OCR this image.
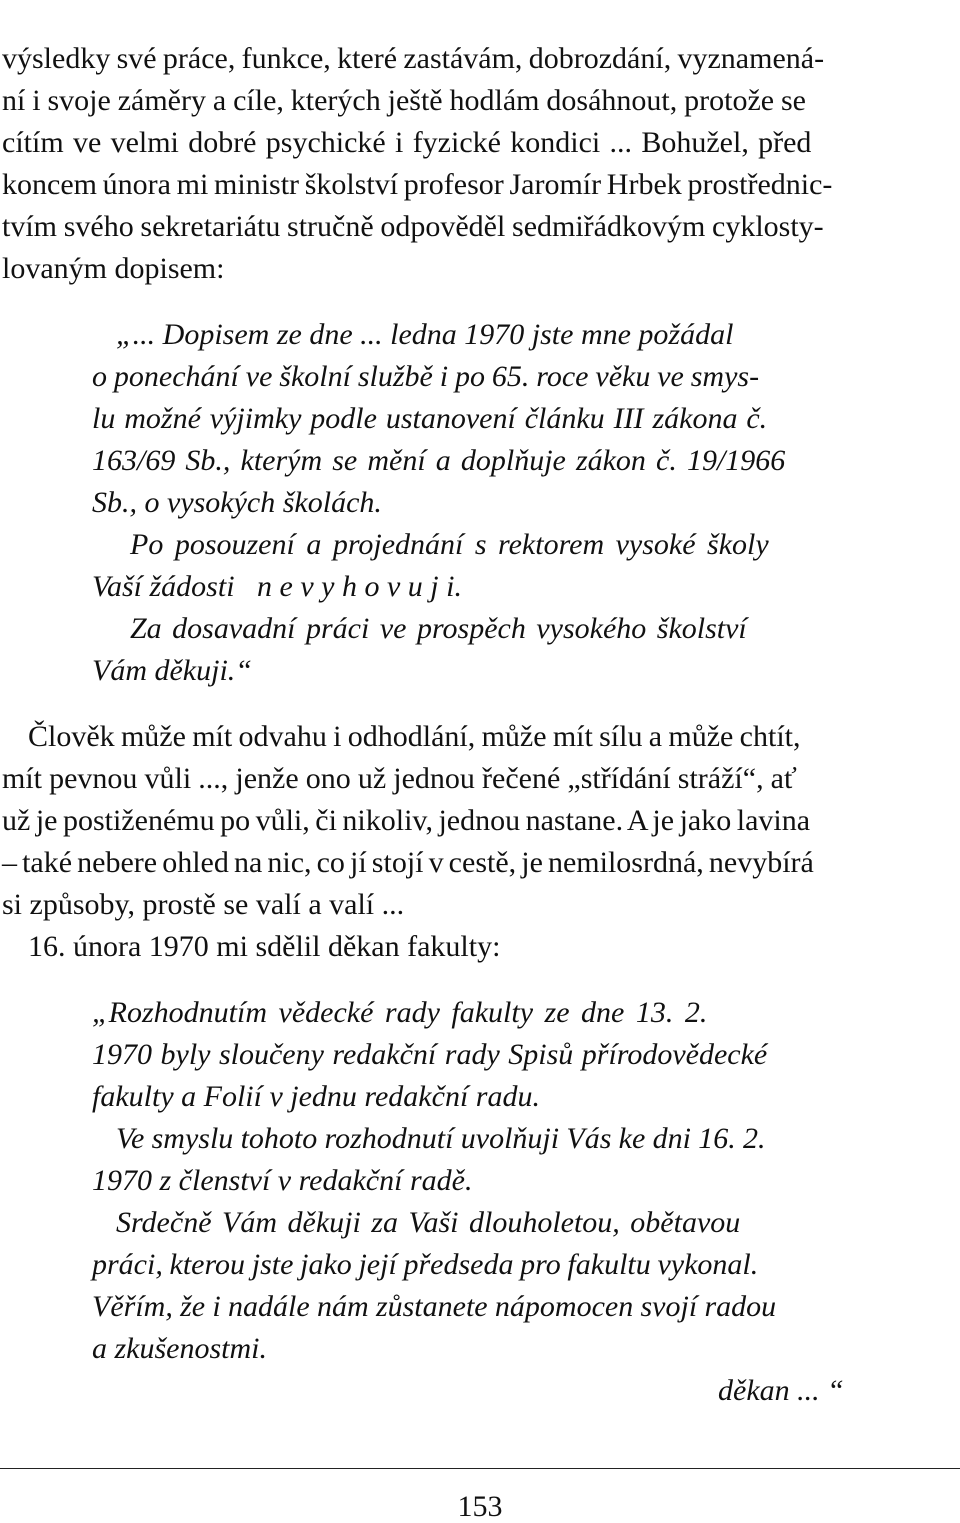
výsledky své práce, funkce, které zastávám, dobrozdání, vyznamená-
ní i svoje záměry a cíle, kterých ještě hodlám dosáhnout, protože se
cítím ve velmi dobré psychické i fyzické kondici ... Bohužel, před
koncem února mi ministr školství profesor Jaromír Hrbek prostřednic-
tvím svého sekretariátu stručně odpověděl sedmiřádkovým cyklosty-
lovaným dopisem:
„... Dopisem ze dne ... ledna 1970 jste mne požádal
o ponechání ve školní službě i po 65. roce věku ve smys-
lu možné výjimky podle ustanovení článku III zákona č.
163/69 Sb., kterým se mění a doplňuje zákon č. 19/1966
Sb., o vysokých školách.
Po posouzení a projednání s rektorem vysoké školy
Vaší žádosti   n e v y h o v u j i.
Za dosavadní práci ve prospěch vysokého školství
Vám děkuji.“
Člověk může mít odvahu i odhodlání, může mít sílu a může chtít,
mít pevnou vůli ..., jenže ono už jednou řečené „střídání stráží“, ať
už je postiženému po vůli, či nikoliv, jednou nastane. A je jako lavina
– také nebere ohled na nic, co jí stojí v cestě, je nemilosrdná, nevybírá
si způsoby, prostě se valí a valí ...
16. února 1970 mi sdělil děkan fakulty:
„Rozhodnutím vědecké rady fakulty ze dne 13. 2.
1970 byly sloučeny redakční rady Spisů přírodovědecké
fakulty a Folií v jednu redakční radu.
Ve smyslu tohoto rozhodnutí uvolňuji Vás ke dni 16. 2.
1970 z členství v redakční radě.
Srdečně Vám děkuji za Vaši dlouholetou, obětavou
práci, kterou jste jako její předseda pro fakultu vykonal.
Věřím, že i nadále nám zůstanete nápomocen svojí radou
a zkušenostmi.
děkan ... “
153
